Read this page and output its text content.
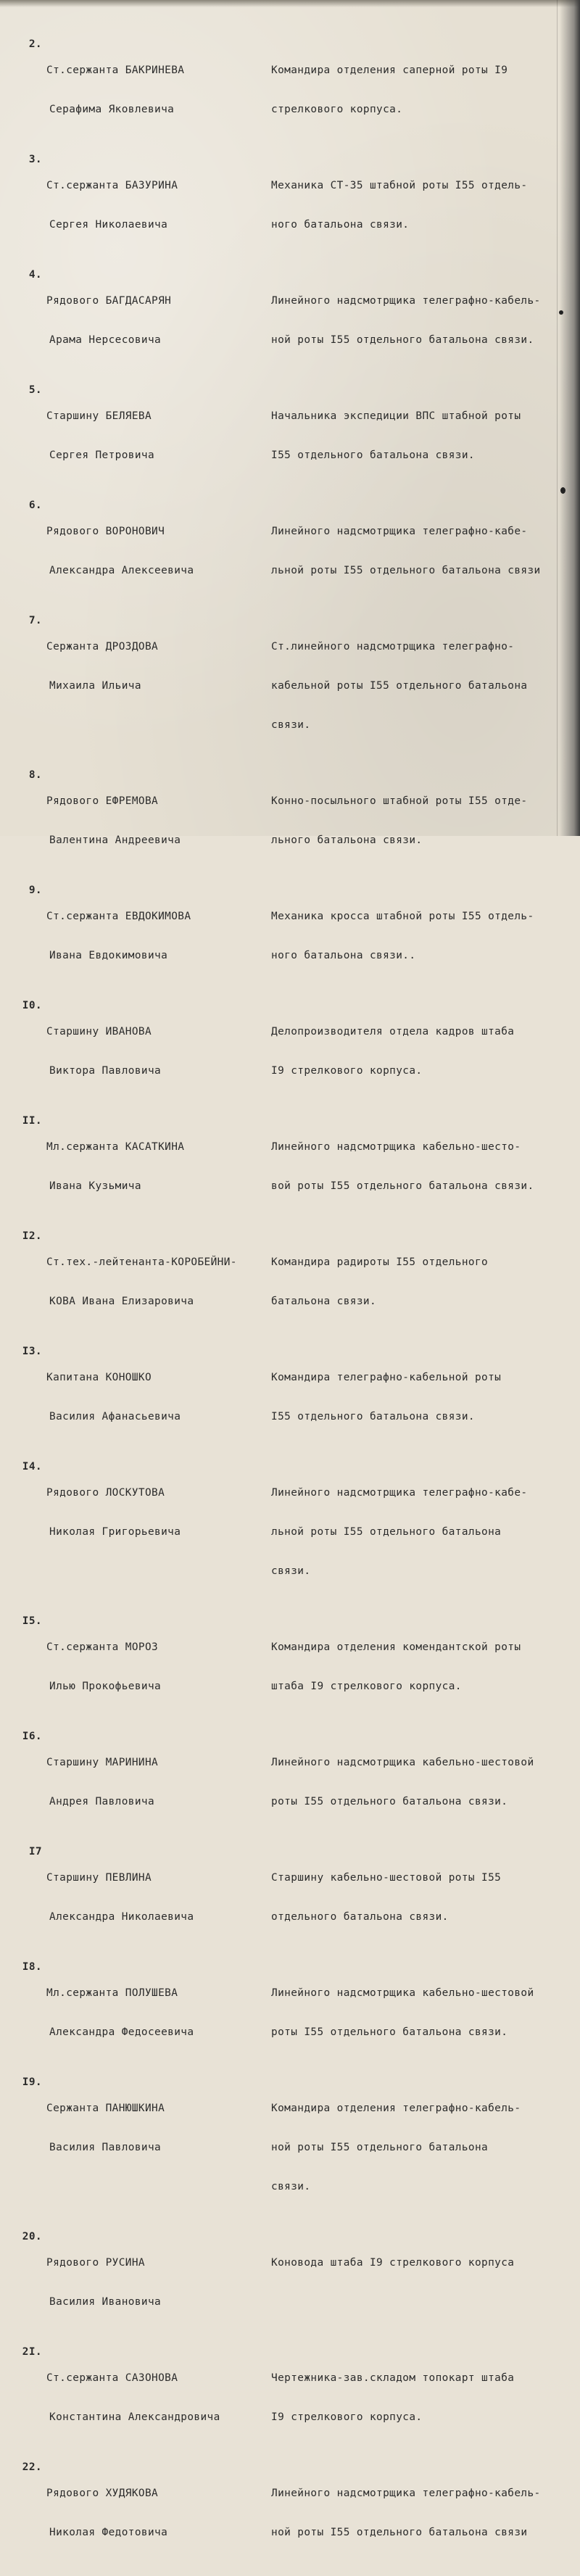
2.

Ст.сержанта БАКРИНЕВА

Серафима Яковлевича

Командира отделения саперной роты I9

стрелкового корпуса.

3.

Ст.сержанта БАЗУРИНА

Сергея Николаевича

Механика СТ-35 штабной роты I55 отдель-

ного батальона связи.

4.

Рядового БАГДАСАРЯН

Арама Нерсесовича

Линейного надсмотрщика телеграфно-кабель-

ной роты I55 отдельного батальона связи.

5.

Старшину БЕЛЯЕВА

Сергея Петровича

Начальника экспедиции ВПС штабной роты

I55 отдельного батальона связи.

6.

Рядового ВОРОНОВИЧ

Александра Алексеевича

Линейного надсмотрщика телеграфно-кабе-

льной роты I55 отдельного батальона связи

7.

Сержанта ДРОЗДОВА

Михаила Ильича

Ст.линейного надсмотрщика телеграфно-

кабельной роты I55 отдельного батальона

связи.

8.

Рядового ЕФРЕМОВА

Валентина Андреевича

Конно-посыльного штабной роты I55 отде-

льного батальона связи.

9.

Ст.сержанта ЕВДОКИМОВА

Ивана Евдокимовича

Механика кросса штабной роты I55 отдель-

ного батальона связи..

I0.

Старшину ИВАНОВА

Виктора Павловича

Делопроизводителя отдела кадров штаба

I9 стрелкового корпуса.

II.

Мл.сержанта КАСАТКИНА

Ивана Кузьмича

Линейного надсмотрщика кабельно-шесто-

вой роты I55 отдельного батальона связи.

I2.

Ст.тех.-лейтенанта-КОРОБЕЙНИ-

КОВА Ивана Елизаровича

Командира радироты I55 отдельного

батальона связи.

I3.

Капитана КОНОШКО

Василия Афанасьевича

Командира телеграфно-кабельной роты

I55 отдельного батальона связи.

I4.

Рядового ЛОСКУТОВА

Николая Григорьевича

Линейного надсмотрщика телеграфно-кабе-

льной роты I55 отдельного батальона

связи.

I5.

Ст.сержанта МОРОЗ

Илью Прокофьевича

Командира отделения комендантской роты

штаба I9 стрелкового корпуса.

I6.

Старшину МАРИНИНА

Андрея Павловича

Линейного надсмотрщика кабельно-шестовой

роты I55 отдельного батальона связи.

I7

Старшину ПЕВЛИНА

Александра Николаевича

Старшину кабельно-шестовой роты I55

отдельного батальона связи.

I8.

Мл.сержанта ПОЛУШЕВА

Александра Федосеевича

Линейного надсмотрщика кабельно-шестовой

роты I55 отдельного батальона связи.

I9.

Сержанта ПАНЮШКИНА

Василия Павловича

Командира отделения телеграфно-кабель-

ной роты I55 отдельного батальона

связи.

20.

Рядового РУСИНА

Василия Ивановича

Коновода штаба I9 стрелкового корпуса

2I.

Ст.сержанта САЗОНОВА

Константина Александровича

Чертежника-зав.складом топокарт штаба

I9 стрелкового корпуса.

22.

Рядового ХУДЯКОВА

Николая Федотовича

Линейного надсмотрщика телеграфно-кабель-

ной роты I55 отдельного батальона связи
